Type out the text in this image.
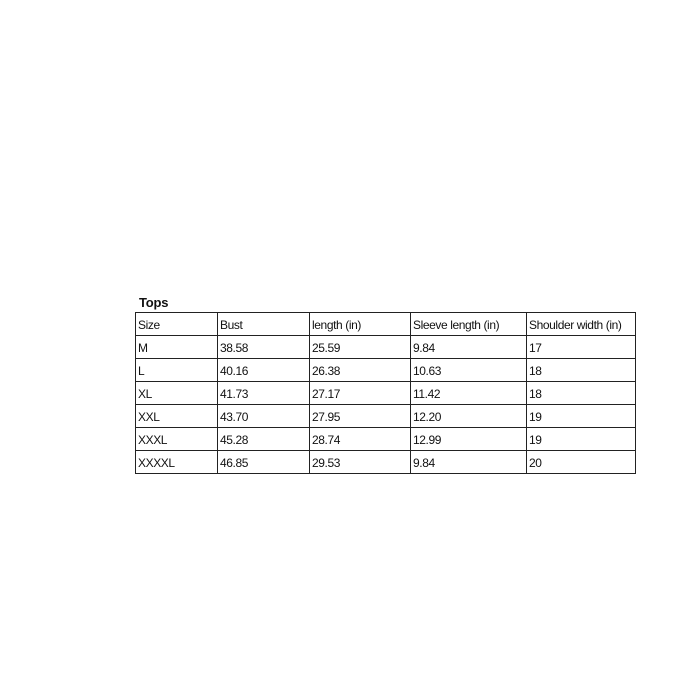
Tops
Size	Bust	length (in)	Sleeve length (in)	Shoulder width (in)
M	38.58	25.59	9.84	17
L	40.16	26.38	10.63	18
XL	41.73	27.17	11.42	18
XXL	43.70	27.95	12.20	19
XXXL	45.28	28.74	12.99	19
XXXXL	46.85	29.53	9.84	20
